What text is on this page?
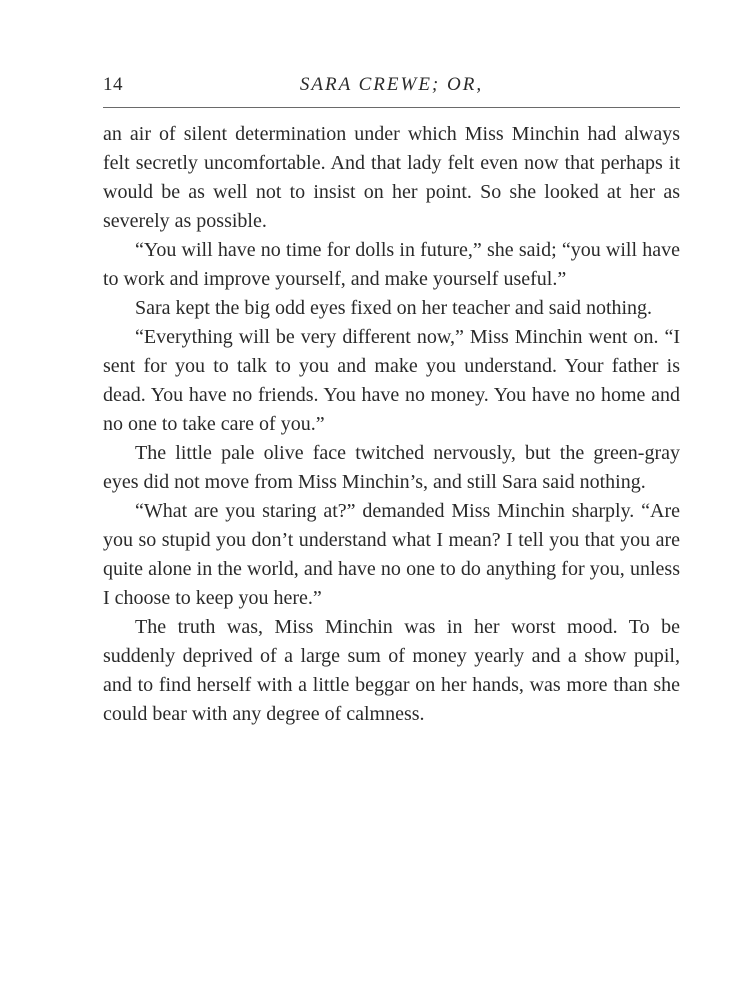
14	SARA CREWE; OR,

an air of silent determination under which Miss Minchin had always felt secretly uncomfortable. And that lady felt even now that perhaps it would be as well not to insist on her point. So she looked at her as severely as possible.

“You will have no time for dolls in future,” she said; “you will have to work and improve yourself, and make yourself useful.”

Sara kept the big odd eyes fixed on her teacher and said nothing.

“Everything will be very different now,” Miss Minchin went on. “I sent for you to talk to you and make you understand. Your father is dead. You have no friends. You have no money. You have no home and no one to take care of you.”

The little pale olive face twitched nervously, but the green-gray eyes did not move from Miss Minchin’s, and still Sara said nothing.

“What are you staring at?” demanded Miss Minchin sharply. “Are you so stupid you don’t understand what I mean? I tell you that you are quite alone in the world, and have no one to do anything for you, unless I choose to keep you here.”

The truth was, Miss Minchin was in her worst mood. To be suddenly deprived of a large sum of money yearly and a show pupil, and to find herself with a little beggar on her hands, was more than she could bear with any degree of calmness.
